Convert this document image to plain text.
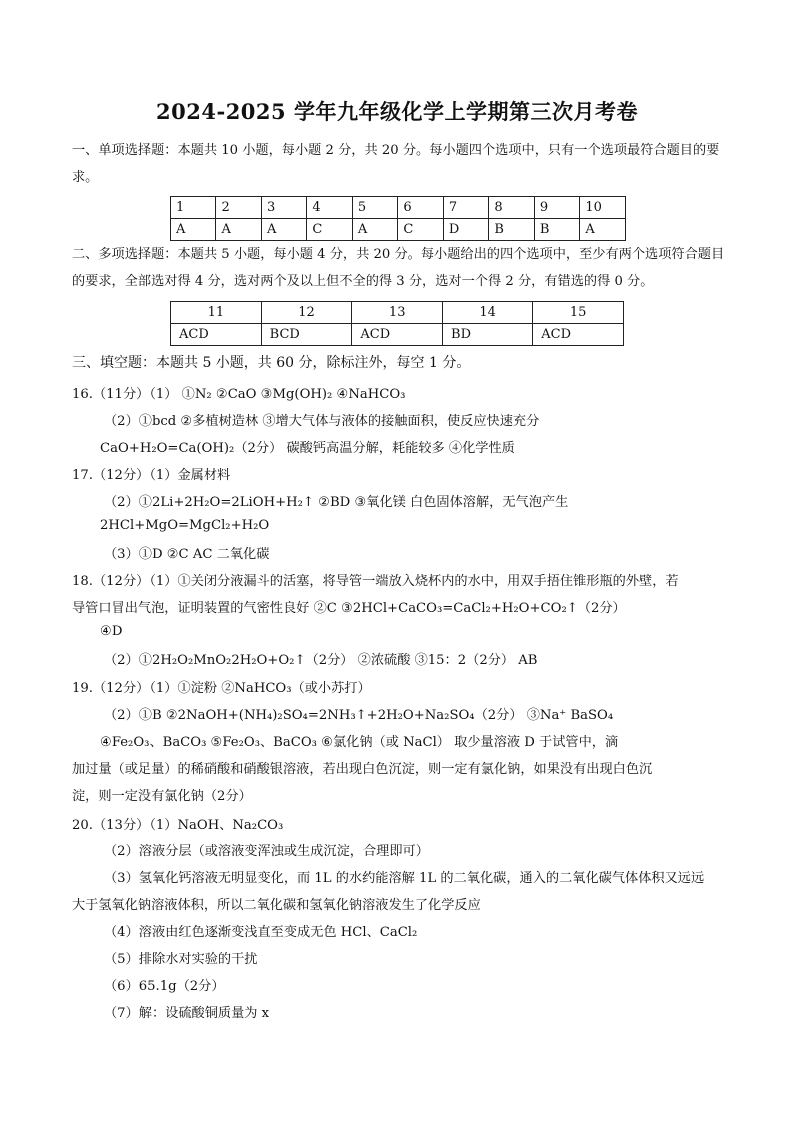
2024-2025 学年九年级化学上学期第三次月考卷
一、单项选择题：本题共 10 小题，每小题 2 分，共 20 分。每小题四个选项中，只有一个选项最符合题目的要求。
1	2	3	4	5	6	7	8	9	10
A	A	A	C	A	C	D	B	B	A
二、多项选择题：本题共 5 小题，每小题 4 分，共 20 分。每小题给出的四个选项中，至少有两个选项符合题目的要求，全部选对得 4 分，选对两个及以上但不全的得 3 分，选对一个得 2 分，有错选的得 0 分。
11	12	13	14	15
ACD	BCD	ACD	BD	ACD
三、填空题：本题共 5 小题，共 60 分，除标注外，每空 1 分。
16.（11分）（1） ①N₂ ②CaO ③Mg(OH)₂ ④NaHCO₃
（2）①bcd ②多植树造林 ③增大气体与液体的接触面积，使反应快速充分
CaO+H₂O=Ca(OH)₂（2分） 碳酸钙高温分解，耗能较多 ④化学性质
17.（12分）（1）金属材料
（2）①2Li+2H₂O=2LiOH+H₂↑ ②BD ③氧化镁 白色固体溶解，无气泡产生
2HCl+MgO=MgCl₂+H₂O
（3）①D ②C AC 二氧化碳
18.（12分）（1）①关闭分液漏斗的活塞，将导管一端放入烧杯内的水中，用双手捂住锥形瓶的外壁，若
导管口冒出气泡，证明装置的气密性良好 ②C ③2HCl+CaCO₃=CaCl₂+H₂O+CO₂↑（2分）
④D
（2）①2H₂O₂MnO₂2H₂O+O₂↑（2分） ②浓硫酸 ③15：2（2分） AB
19.（12分）（1）①淀粉 ②NaHCO₃（或小苏打）
（2）①B ②2NaOH+(NH₄)₂SO₄=2NH₃↑+2H₂O+Na₂SO₄（2分） ③Na⁺ BaSO₄
④Fe₂O₃、BaCO₃ ⑤Fe₂O₃、BaCO₃ ⑥氯化钠（或 NaCl） 取少量溶液 D 于试管中，滴
加过量（或足量）的稀硝酸和硝酸银溶液，若出现白色沉淀，则一定有氯化钠，如果没有出现白色沉
淀，则一定没有氯化钠（2分）
20.（13分）（1）NaOH、Na₂CO₃
（2）溶液分层（或溶液变浑浊或生成沉淀，合理即可）
（3）氢氧化钙溶液无明显变化，而 1L 的水约能溶解 1L 的二氧化碳，通入的二氧化碳气体体积又远远
大于氢氧化钠溶液体积，所以二氧化碳和氢氧化钠溶液发生了化学反应
（4）溶液由红色逐渐变浅直至变成无色 HCl、CaCl₂
（5）排除水对实验的干扰
（6）65.1g（2分）
（7）解：设硫酸铜质量为 x
